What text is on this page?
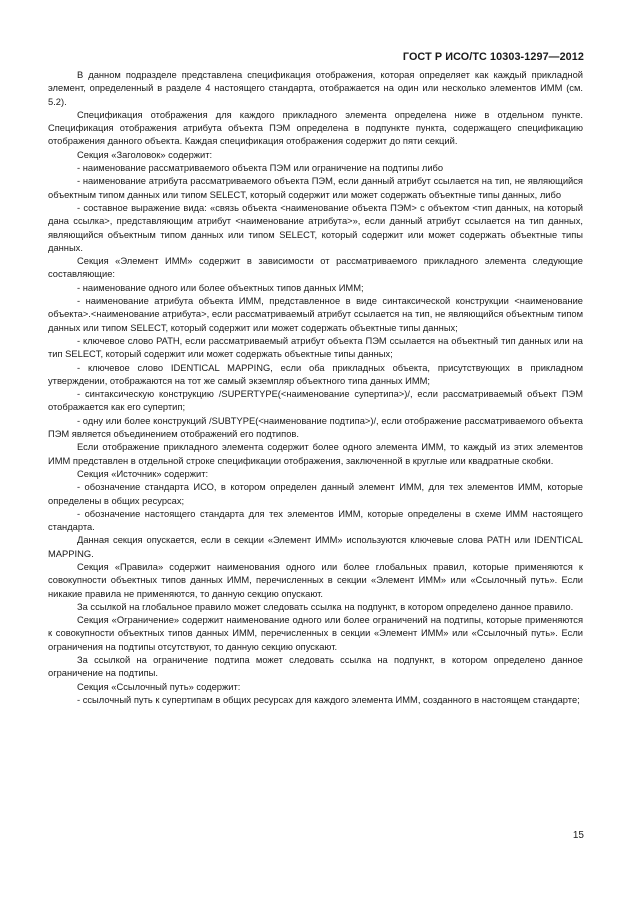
ГОСТ Р ИСО/ТС 10303-1297—2012

В данном подразделе представлена спецификация отображения, которая определяет как каждый прикладной элемент, определенный в разделе 4 настоящего стандарта, отображается на один или несколько элементов ИММ (см. 5.2).

Спецификация отображения для каждого прикладного элемента определена ниже в отдельном пункте. Спецификация отображения атрибута объекта ПЭМ определена в подпункте пункта, содержащего спецификацию отображения данного объекта. Каждая спецификация отображения содержит до пяти секций.

Секция «Заголовок» содержит:

- наименование рассматриваемого объекта ПЭМ или ограничение на подтипы либо

- наименование атрибута рассматриваемого объекта ПЭМ, если данный атрибут ссылается на тип, не являющийся объектным типом данных или типом SELECT, который содержит или может содержать объектные типы данных, либо

- составное выражение вида: «связь объекта <наименование объекта ПЭМ> с объектом <тип данных, на который дана ссылка>, представляющим атрибут <наименование атрибута>», если данный атрибут ссылается на тип данных, являющийся объектным типом данных или типом SELECT, который содержит или может содержать объектные типы данных.

Секция «Элемент ИММ» содержит в зависимости от рассматриваемого прикладного элемента следующие составляющие:

- наименование одного или более объектных типов данных ИММ;

- наименование атрибута объекта ИММ, представленное в виде синтаксической конструкции <наименование объекта>.<наименование атрибута>, если рассматриваемый атрибут ссылается на тип, не являющийся объектным типом данных или типом SELECT, который содержит или может содержать объектные типы данных;

- ключевое слово PATH, если рассматриваемый атрибут объекта ПЭМ ссылается на объектный тип данных или на тип SELECT, который содержит или может содержать объектные типы данных;

- ключевое слово IDENTICAL MAPPING, если оба прикладных объекта, присутствующих в прикладном утверждении, отображаются на тот же самый экземпляр объектного типа данных ИММ;

- синтаксическую конструкцию /SUPERTYPE(<наименование супертипа>)/, если рассматриваемый объект ПЭМ отображается как его супертип;

- одну или более конструкций /SUBTYPE(<наименование подтипа>)/, если отображение рассматриваемого объекта ПЭМ является объединением отображений его подтипов.

Если отображение прикладного элемента содержит более одного элемента ИММ, то каждый из этих элементов ИММ представлен в отдельной строке спецификации отображения, заключенной в круглые или квадратные скобки.

Секция «Источник» содержит:

- обозначение стандарта ИСО, в котором определен данный элемент ИММ, для тех элементов ИММ, которые определены в общих ресурсах;

- обозначение настоящего стандарта для тех элементов ИММ, которые определены в схеме ИММ настоящего стандарта.

Данная секция опускается, если в секции «Элемент ИММ» используются ключевые слова PATH или IDENTICAL MAPPING.

Секция «Правила» содержит наименования одного или более глобальных правил, которые применяются к совокупности объектных типов данных ИММ, перечисленных в секции «Элемент ИММ» или «Ссылочный путь». Если никакие правила не применяются, то данную секцию опускают.

За ссылкой на глобальное правило может следовать ссылка на подпункт, в котором определено данное правило.

Секция «Ограничение» содержит наименование одного или более ограничений на подтипы, которые применяются к совокупности объектных типов данных ИММ, перечисленных в секции «Элемент ИММ» или «Ссылочный путь». Если ограничения на подтипы отсутствуют, то данную секцию опускают.

За ссылкой на ограничение подтипа может следовать ссылка на подпункт, в котором определено данное ограничение на подтипы.

Секция «Ссылочный путь» содержит:

- ссылочный путь к супертипам в общих ресурсах для каждого элемента ИММ, созданного в настоящем стандарте;

15
